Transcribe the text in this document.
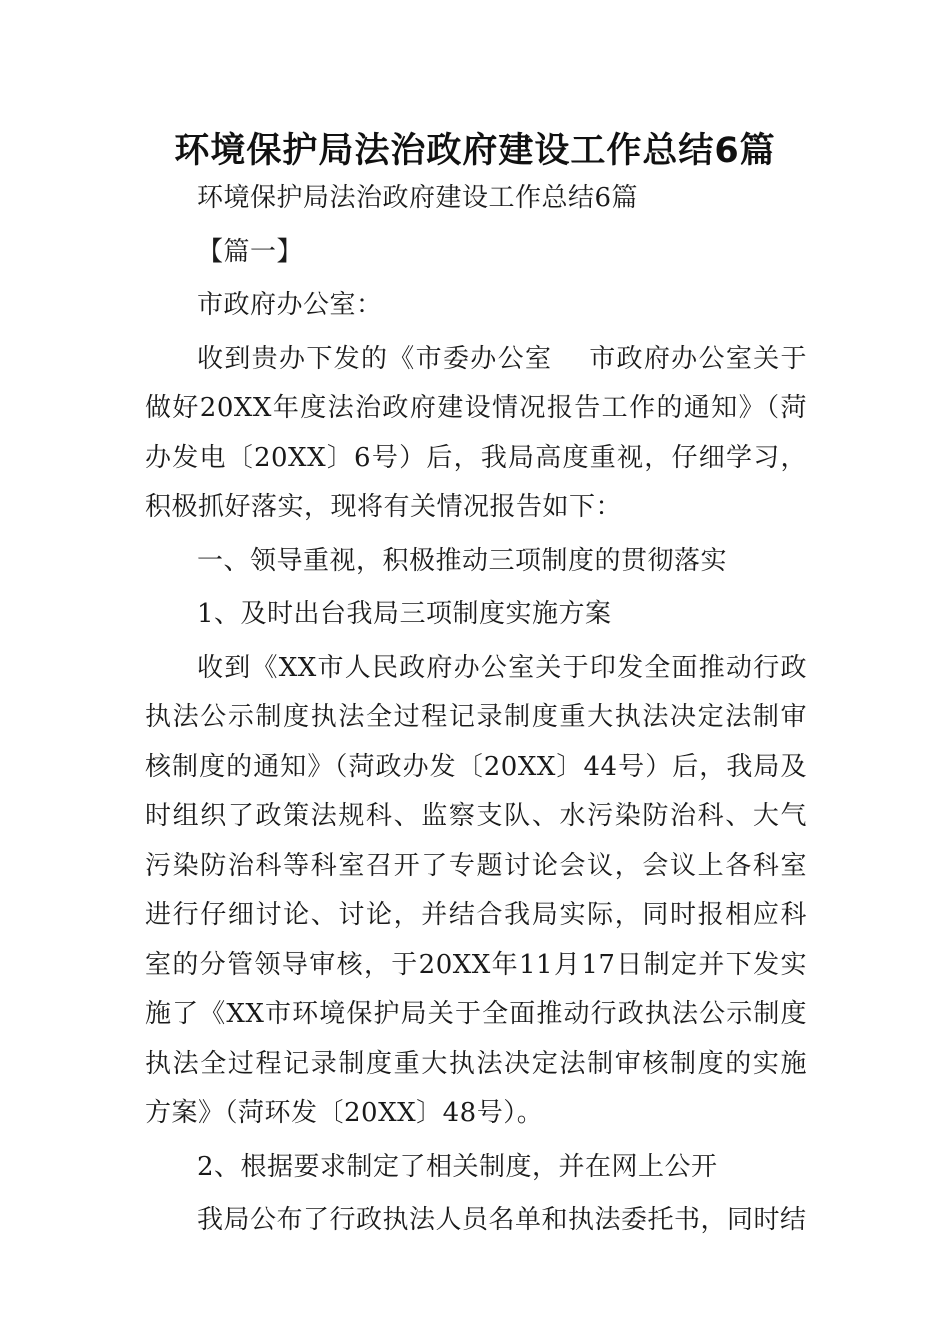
环境保护局法治政府建设工作总结6篇

环境保护局法治政府建设工作总结6篇

【篇一】

市政府办公室：

收到贵办下发的《市委办公室　 市政府办公室关于做好20XX年度法治政府建设情况报告工作的通知》（菏办发电〔20XX〕6号）后，我局高度重视，仔细学习，积极抓好落实，现将有关情况报告如下：

一、领导重视，积极推动三项制度的贯彻落实

1、及时出台我局三项制度实施方案

收到《XX市人民政府办公室关于印发全面推动行政执法公示制度执法全过程记录制度重大执法决定法制审核制度的通知》（菏政办发〔20XX〕44号）后，我局及时组织了政策法规科、监察支队、水污染防治科、大气污染防治科等科室召开了专题讨论会议，会议上各科室进行仔细讨论、讨论，并结合我局实际，同时报相应科室的分管领导审核，于20XX年11月17日制定并下发实施了《XX市环境保护局关于全面推动行政执法公示制度执法全过程记录制度重大执法决定法制审核制度的实施方案》（菏环发〔20XX〕48号）。

2、根据要求制定了相关制度，并在网上公开

我局公布了行政执法人员名单和执法委托书，同时结
